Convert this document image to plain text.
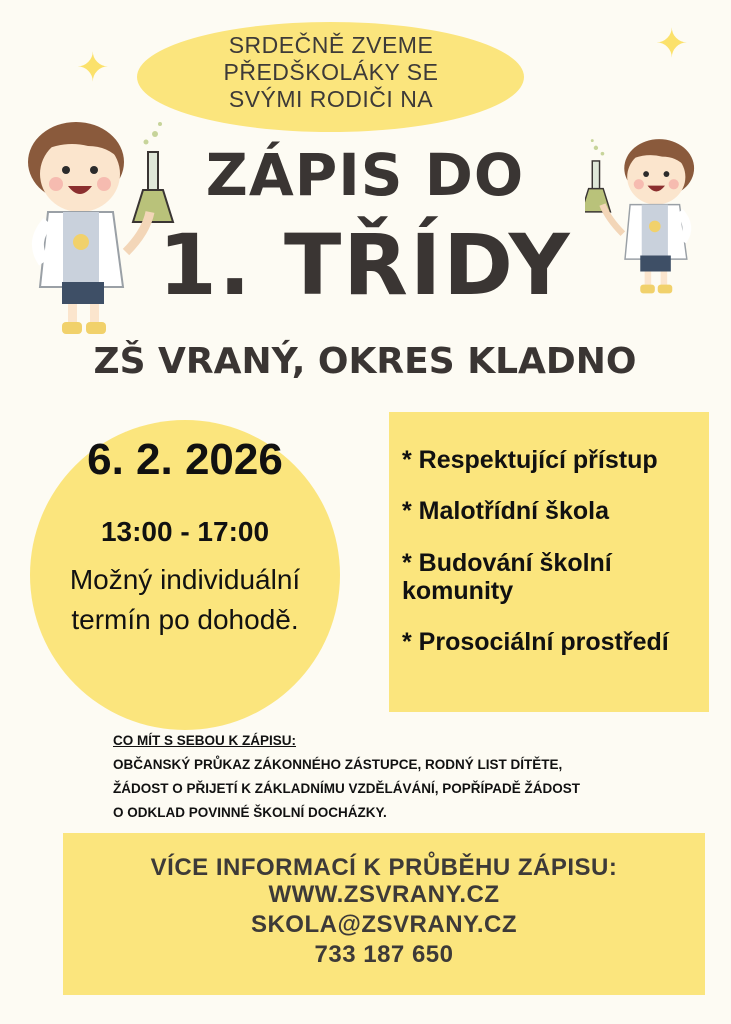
SRDEČNĚ ZVEME
PŘEDŠKOLÁKY SE
SVÝMI RODIČI NA
✦
✦
ZÁPIS DO
1. TŘÍDY
ZŠ VRANÝ, OKRES KLADNO
6. 2. 2026
13:00 - 17:00
Možný individuální
termín po dohodě.
* Respektující přístup
* Malotřídní škola
* Budování školní komunity
* Prosociální prostředí
CO MÍT S SEBOU K ZÁPISU:
OBČANSKÝ PRŮKAZ ZÁKONNÉHO ZÁSTUPCE, RODNÝ LIST DÍTĚTE,
ŽÁDOST O PŘIJETÍ K ZÁKLADNÍMU VZDĚLÁVÁNÍ, POPŘÍPADĚ ŽÁDOST
O ODKLAD POVINNÉ ŠKOLNÍ DOCHÁZKY.
VÍCE INFORMACÍ K PRŮBĚHU ZÁPISU:
WWW.ZSVRANY.CZ
SKOLA@ZSVRANY.CZ
733 187 650
